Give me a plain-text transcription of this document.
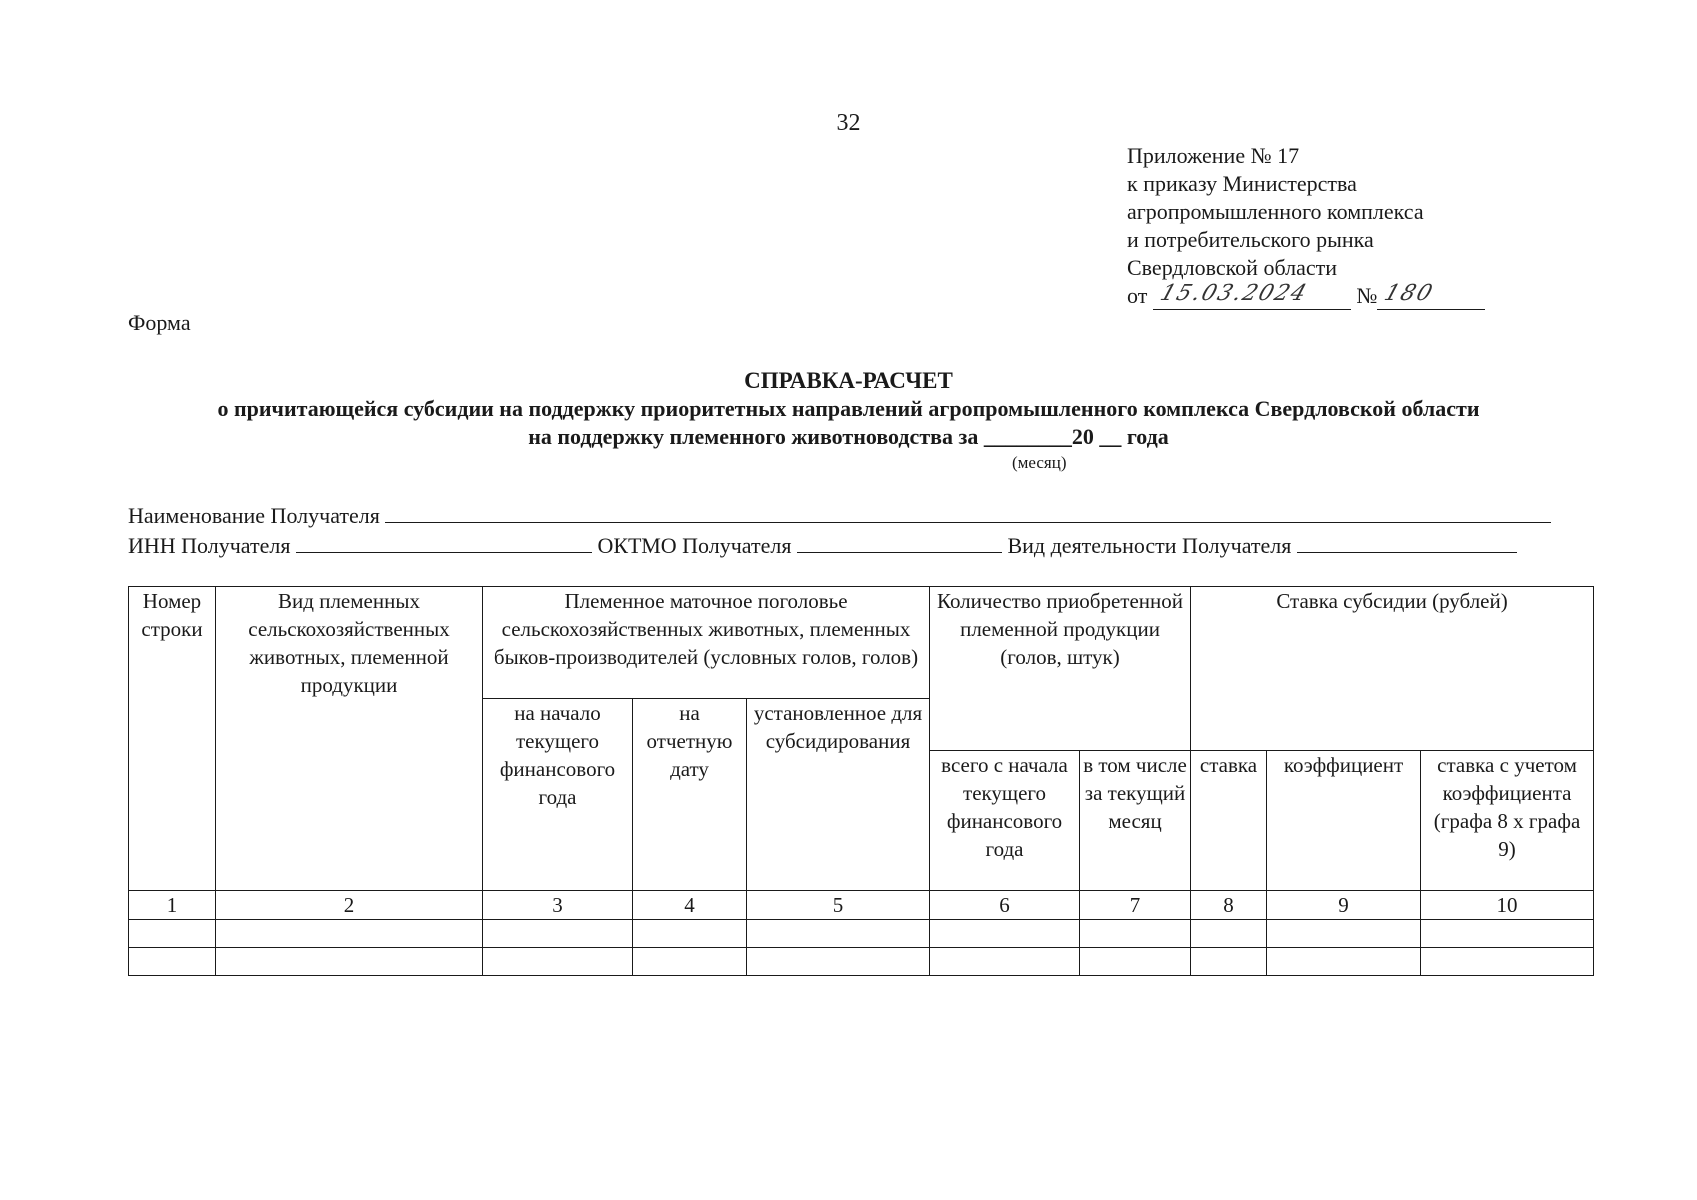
32
Приложение № 17
к приказу Министерства
агропромышленного комплекса
и потребительского рынка
Свердловской области
от 15.03.2024 № 180
Форма
СПРАВКА-РАСЧЕТ
о причитающейся субсидии на поддержку приоритетных направлений агропромышленного комплекса Свердловской области
на поддержку племенного животноводства за ________20 __ года
(месяц)
Наименование Получателя
ИНН Получателя	ОКТМО Получателя	Вид деятельности Получателя
Номер строки	Вид племенных сельскохозяйственных животных, племенной продукции	Племенное маточное поголовье сельскохозяйственных животных, племенных быков-производителей (условных голов, голов)			Количество приобретенной племенной продукции (голов, штук)		Ставка субсидии (рублей)		
		на начало текущего финансового года	на отчетную дату	установленное для субсидирования					
					всего с начала текущего финансового года	в том числе за текущий месяц	ставка	коэффициент	ставка с учетом коэффициента (графа 8 х графа 9)
1	2	3	4	5	6	7	8	9	10
